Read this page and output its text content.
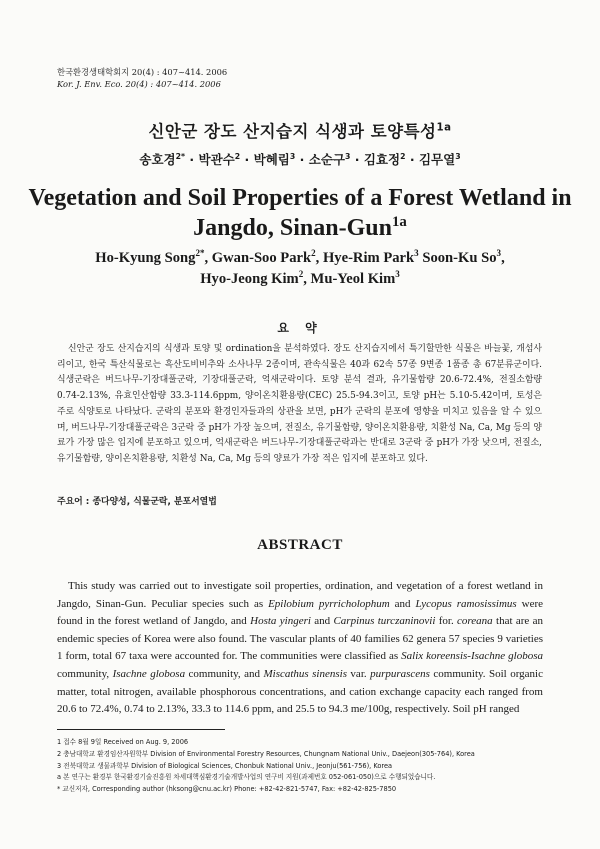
한국환경생태학회지 20(4) : 407~414. 2006
Kor. J. Env. Eco. 20(4) : 407~414. 2006
신안군 장도 산지습지 식생과 토양특성$^{1a}$
송호경$^{2*}$ · 박관수$^2$ · 박혜림$^3$ · 소순구$^3$ · 김효정$^2$ · 김무열$^3$
Vegetation and Soil Properties of a Forest Wetland in
Jangdo, Sinan-Gun$^{1a}$
Ho-Kyung Song$^{2*}$, Gwan-Soo Park$^2$, Hye-Rim Park$^3$ Soon-Ku So$^3$,
Hyo-Jeong Kim$^2$, Mu-Yeol Kim$^3$
요 약
신안군 장도 산지습지의 식생과 토양 및 ordination을 분석하였다. 장도 산지습지에서 특기할만한 식물은 바늘꽃, 개섬사리이고, 한국 특산식물로는 흑산도비비추와 소사나무 2종이며, 관속식물은 40과 62속 57종 9변종 1품종 총 67분류군이다. 식생군락은 버드나무-기장대풀군락, 기장대풀군락, 억새군락이다. 토양 분석 결과, 유기물함량 20.6-72.4%, 전질소함량 0.74-2.13%, 유효인산함량 33.3-114.6ppm, 양이온치환용량(CEC) 25.5-94.3이고, 토양 pH는 5.10-5.42이며, 토성은 주로 식양토로 나타났다. 군락의 분포와 환경인자들과의 상관을 보면, pH가 군락의 분포에 영향을 미치고 있음을 알 수 있으며, 버드나무-기장대풀군락은 3군락 중 pH가 가장 높으며, 전질소, 유기물함량, 양이온치환용량, 치환성 Na, Ca, Mg 등의 양료가 가장 많은 입지에 분포하고 있으며, 억새군락은 버드나무-기장대풀군락과는 반대로 3군락 중 pH가 가장 낮으며, 전질소, 유기물함량, 양이온치환용량, 치환성 Na, Ca, Mg 등의 양료가 가장 적은 입지에 분포하고 있다.
주요어 : 종다양성, 식물군락, 분포서열법
ABSTRACT
This study was carried out to investigate soil properties, ordination, and vegetation of a forest wetland in Jangdo, Sinan-Gun. Peculiar species such as Epilobium pyrricholophum and Lycopus ramosissimus were found in the forest wetland of Jangdo, and Hosta yingeri and Carpinus turczaninovii for. coreana that are an endemic species of Korea were also found. The vascular plants of 40 families 62 genera 57 species 9 varieties 1 form, total 67 taxa were accounted for. The communities were classified as Salix koreensis-Isachne globosa community, Isachne globosa community, and Miscathus sinensis var. purpurascens community. Soil organic matter, total nitrogen, available phosphorous concentrations, and cation exchange capacity each ranged from 20.6 to 72.4%, 0.74 to 2.13%, 33.3 to 114.6 ppm, and 25.5 to 94.3 me/100g, respectively. Soil pH ranged
1 접수 8월 9일 Received on Aug. 9, 2006
2 충남대학교 환경임산자원학부 Division of Environmental Forestry Resources, Chungnam National Univ., Daejeon(305-764), Korea
3 전북대학교 생물과학부 Division of Biological Sciences, Chonbuk National Univ., Jeonju(561-756), Korea
a 본 연구는 환경부 한국환경기술진흥원 차세대핵심환경기술개발사업의 연구비 지원(과제번호 052-061-050)으로 수행되었습니다.
* 교신저자, Corresponding author (hksong@cnu.ac.kr) Phone: +82-42-821-5747, Fax: +82-42-825-7850
